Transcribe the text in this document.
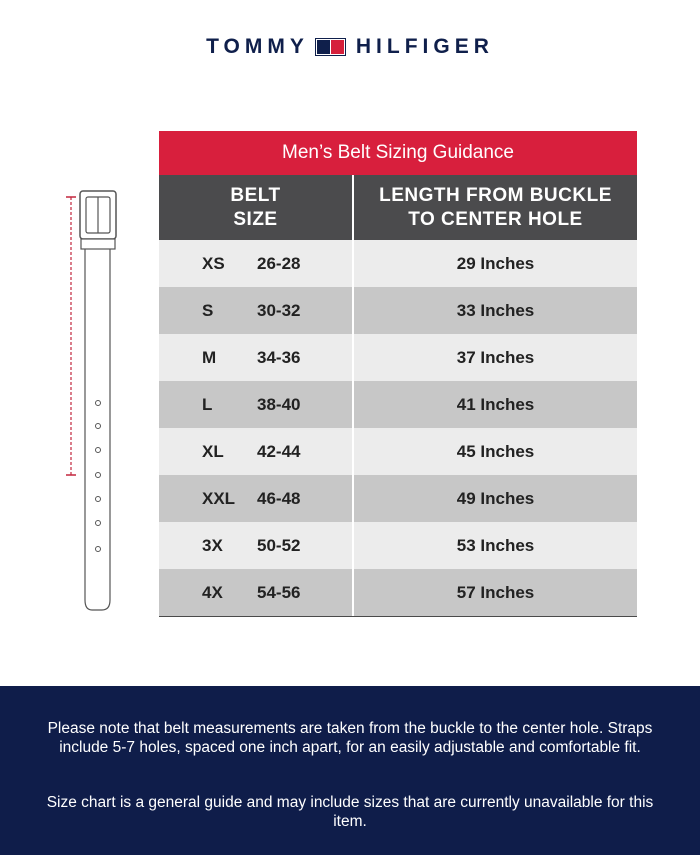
TOMMY HILFIGER
Men’s Belt Sizing Guidance
BELT
SIZE
LENGTH FROM BUCKLE
TO CENTER HOLE
XS 26-28	29 Inches
S	30-32	33 Inches
M 34-36	37 Inches
L	38-40	41 Inches
XL 42-44	45 Inches
XXL 46-48	49 Inches
3X 50-52	53 Inches
4X 54-56	57 Inches

Please note that belt measurements are taken from the buckle to the center hole. Straps include 5-7 holes, spaced one inch apart, for an easily adjustable and comfortable fit.

Size chart is a general guide and may include sizes that are currently unavailable for this item.
